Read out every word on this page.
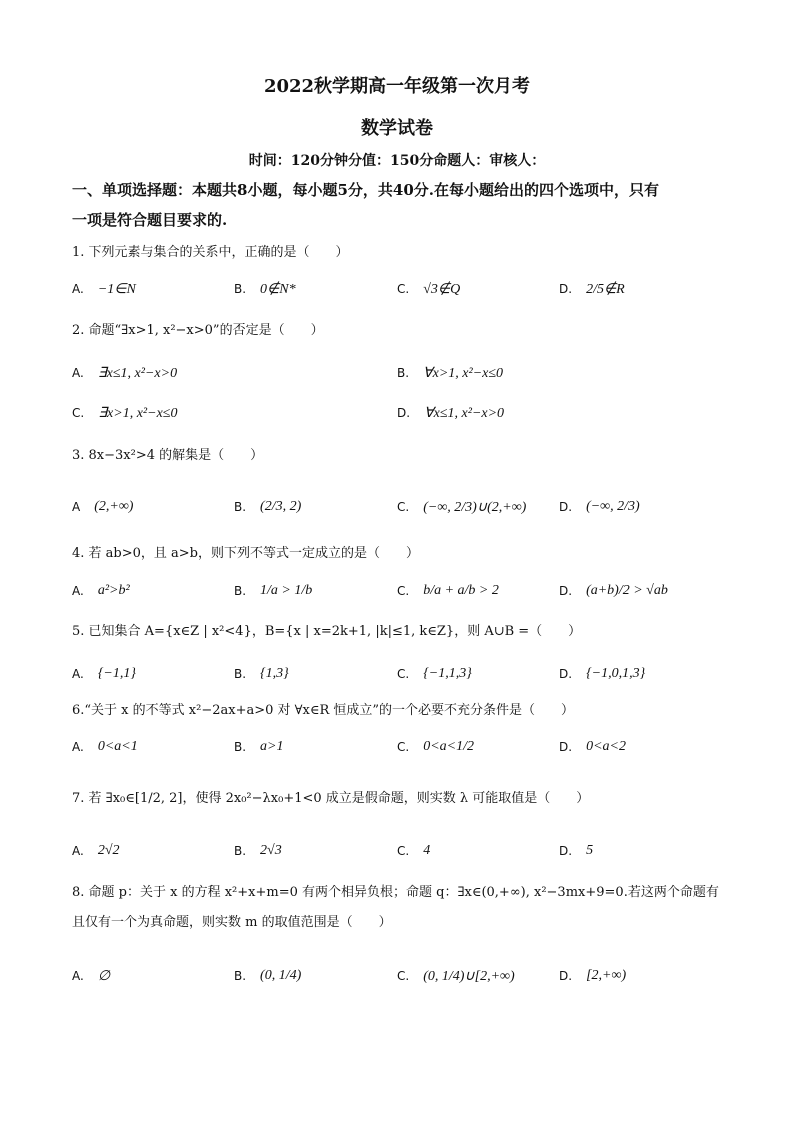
2022秋学期高一年级第一次月考
数学试卷
时间：120分钟分值：150分命题人：审核人：
一、单项选择题：本题共8小题，每小题5分，共40分.在每小题给出的四个选项中，只有
一项是符合题目要求的.
1. 下列元素与集合的关系中，正确的是（　　）
A. −1∈N	B. 0∉N*	C. √3∉Q	D. 2/5∉R
2. 命题“∃x>1, x²−x>0”的否定是（　　）
A. ∃x≤1, x²−x>0	B. ∀x>1, x²−x≤0
C. ∃x>1, x²−x≤0	D. ∀x≤1, x²−x>0
3. 8x−3x²>4 的解集是（　　）
A (2,+∞)	B. (2/3, 2)	C. (−∞, 2/3)∪(2,+∞)	D. (−∞, 2/3)
4. 若 ab>0，且 a>b，则下列不等式一定成立的是（　　）
A. a²>b²	B. 1/a > 1/b	C. b/a + a/b > 2	D. (a+b)/2 > √ab
5. 已知集合 A={x∈Z | x²<4}，B={x | x=2k+1, |k|≤1, k∈Z}，则 A∪B =（　　）
A. {−1,1}	B. {1,3}	C. {−1,1,3}	D. {−1,0,1,3}
6.“关于 x 的不等式 x²−2ax+a>0 对 ∀x∈R 恒成立”的一个必要不充分条件是（　　）
A. 0<a<1	B. a>1	C. 0<a<1/2	D. 0<a<2
7. 若 ∃x₀∈[1/2, 2]，使得 2x₀²−λx₀+1<0 成立是假命题，则实数 λ 可能取值是（　　）
A. 2√2	B. 2√3	C. 4	D. 5
8. 命题 p：关于 x 的方程 x²+x+m=0 有两个相异负根；命题 q：∃x∈(0,+∞), x²−3mx+9=0.若这两个命题有且仅有一个为真命题，则实数 m 的取值范围是（　　）
A. ∅	B. (0, 1/4)	C. (0, 1/4)∪[2,+∞)	D. [2,+∞)
